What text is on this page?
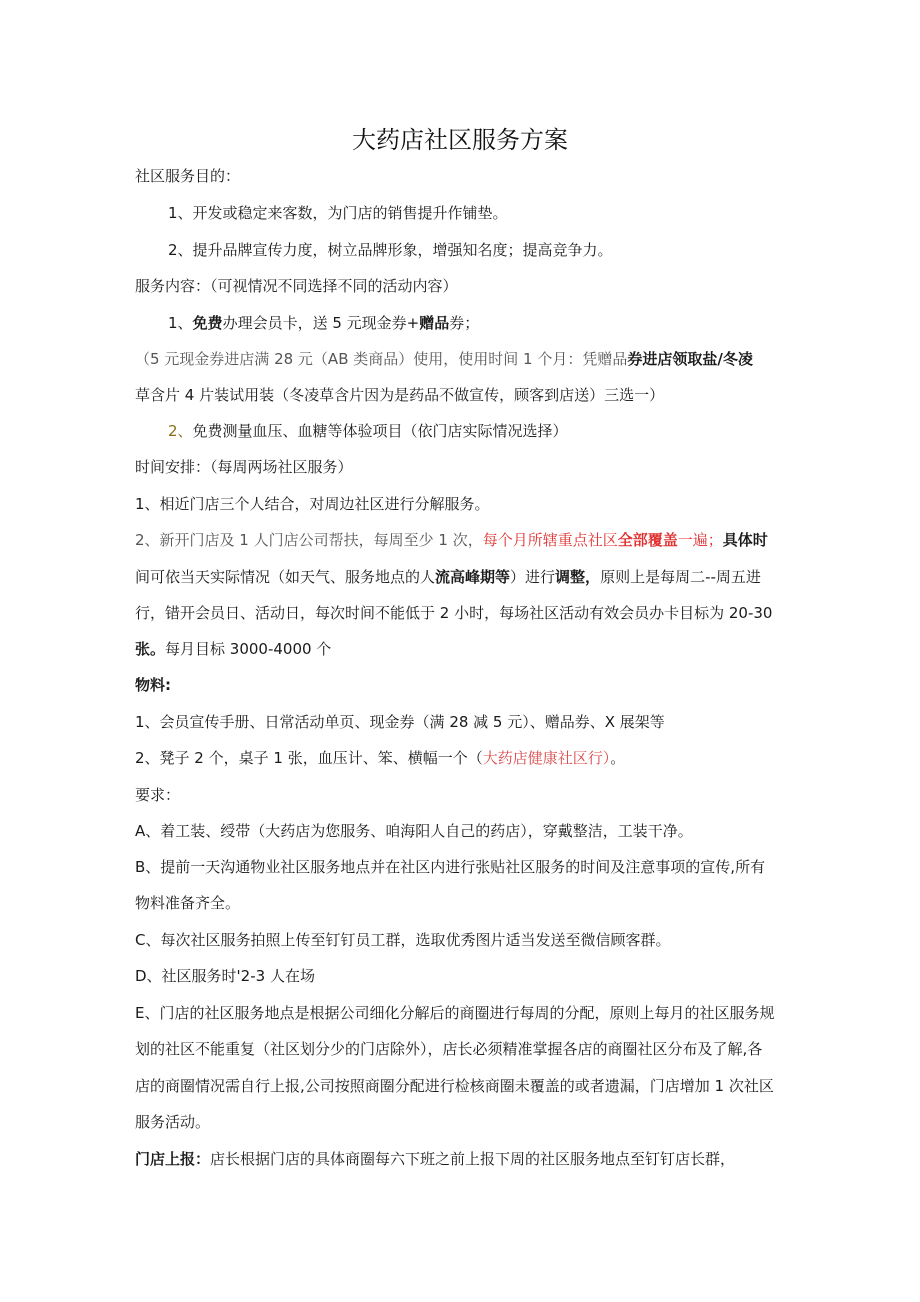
大药店社区服务方案
社区服务目的：
1、开发或稳定来客数，为门店的销售提升作铺垫。
2、提升品牌宣传力度，树立品牌形象，增强知名度；提高竞争力。
服务内容：（可视情况不同选择不同的活动内容）
1、免费办理会员卡，送 5 元现金券+赠品券；
（5 元现金券进店满 28 元（AB 类商品）使用，使用时间 1 个月：凭赠品券进店领取盐/冬凌
草含片 4 片装试用装（冬凌草含片因为是药品不做宣传，顾客到店送）三选一）
2、免费测量血压、血糖等体验项目（依门店实际情况选择）
时间安排：（每周两场社区服务）
1、相近门店三个人结合，对周边社区进行分解服务。
2、新开门店及 1 人门店公司帮扶，每周至少 1 次，每个月所辖重点社区全部覆盖一遍；具体时
间可依当天实际情况（如天气、服务地点的人流高峰期等）进行调整，原则上是每周二--周五进
行，错开会员日、活动日，每次时间不能低于 2 小时，每场社区活动有效会员办卡目标为 20-30
张。每月目标 3000-4000 个
物料:
1、会员宣传手册、日常活动单页、现金券（满 28 减 5 元）、赠品券、X 展架等
2、凳子 2 个，桌子 1 张，血压计、笨、横幅一个（大药店健康社区行）。
要求：
A、着工装、绶带（大药店为您服务、咱海阳人自己的药店），穿戴整洁，工装干净。
B、提前一天沟通物业社区服务地点并在社区内进行张贴社区服务的时间及注意事项的宣传,所有
物料准备齐全。
C、每次社区服务拍照上传至钉钉员工群，选取优秀图片适当发送至微信顾客群。
D、社区服务时'2-3 人在场
E、门店的社区服务地点是根据公司细化分解后的商圈进行每周的分配，原则上每月的社区服务规
划的社区不能重复（社区划分少的门店除外），店长必须精准掌握各店的商圈社区分布及了解,各
店的商圈情况需自行上报,公司按照商圈分配进行检核商圈未覆盖的或者遗漏，门店增加 1 次社区
服务活动。
门店上报：店长根据门店的具体商圈每六下班之前上报下周的社区服务地点至钉钉店长群，
